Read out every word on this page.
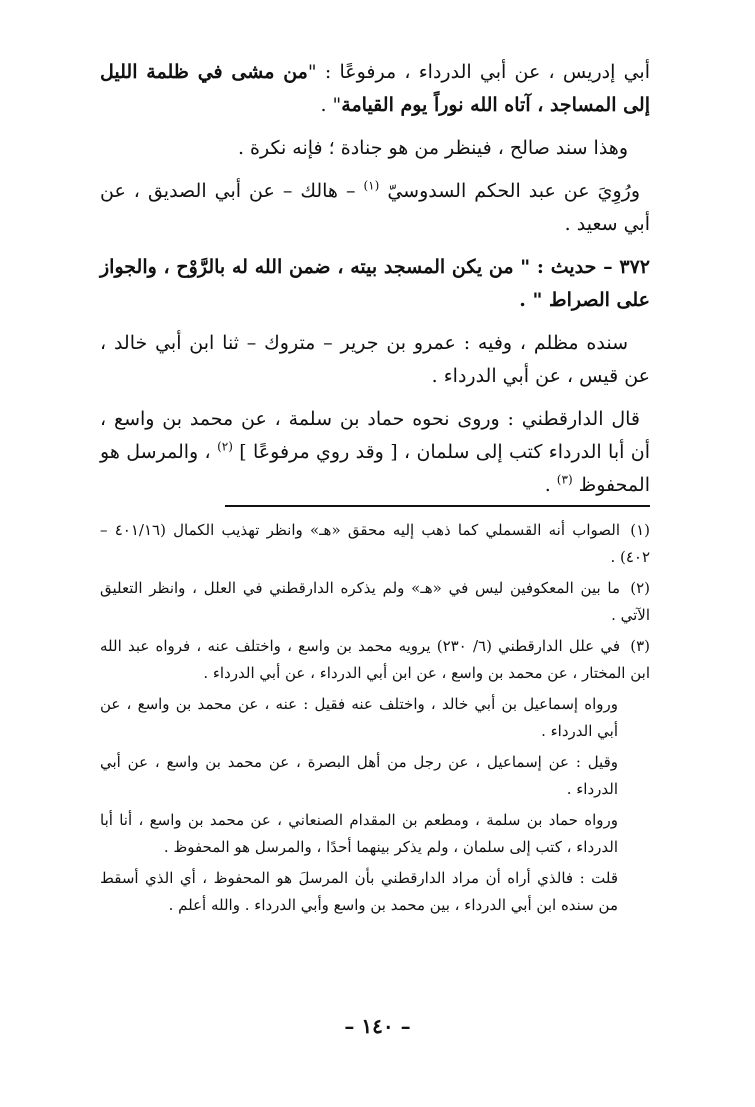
أبي إدريس ، عن أبي الدرداء ، مرفوعًا : "من مشى في ظلمة الليل إلى المساجد ، آتاه الله نوراً يوم القيامة" .

وهذا سند صالح ، فينظر من هو جنادة ؛ فإنه نكرة .

ورُوِيَ عن عبد الحكم السدوسيّ $^{(١)}$ – هالك – عن أبي الصديق ، عن أبي سعيد .

٣٧٢ – حديث : " من يكن المسجد بيته ، ضمن الله له بالرَّوْح ، والجواز على الصراط " .

سنده مظلم ، وفيه : عمرو بن جرير – متروك – ثنا ابن أبي خالد ، عن قيس ، عن أبي الدرداء .

قال الدارقطني : وروى نحوه حماد بن سلمة ، عن محمد بن واسع ، أن أبا الدرداء كتب إلى سلمان ، [ وقد روي مرفوعًا ] $^{(٢)}$ ، والمرسل هو المحفوظ $^{(٣)}$ .

(١)الصواب أنه القسملي كما ذهب إليه محقق «هـ» وانظر تهذيب الكمال (٤٠١/١٦ – ٤٠٢) .

(٢)ما بين المعكوفين ليس في «هـ» ولم يذكره الدارقطني في العلل ، وانظر التعليق الآتي .

(٣)في علل الدارقطني (٦/ ٢٣٠) يرويه محمد بن واسع ، واختلف عنه ، فرواه عبد الله ابن المختار ، عن محمد بن واسع ، عن ابن أبي الدرداء ، عن أبي الدرداء .

ورواه إسماعيل بن أبي خالد ، واختلف عنه فقيل : عنه ، عن محمد بن واسع ، عن أبي الدرداء .

وقيل : عن إسماعيل ، عن رجل من أهل البصرة ، عن محمد بن واسع ، عن أبي الدرداء .

ورواه حماد بن سلمة ، ومطعم بن المقدام الصنعاني ، عن محمد بن واسع ، أنا أبا الدرداء ، كتب إلى سلمان ، ولم يذكر بينهما أحدًا ، والمرسل هو المحفوظ .

قلت : فالذي أراه أن مراد الدارقطني بأن المرسلَ هو المحفوظ ، أي الذي أسقط من سنده ابن أبي الدرداء ، بين محمد بن واسع وأبي الدرداء . والله أعلم .

– ١٤٠ –
